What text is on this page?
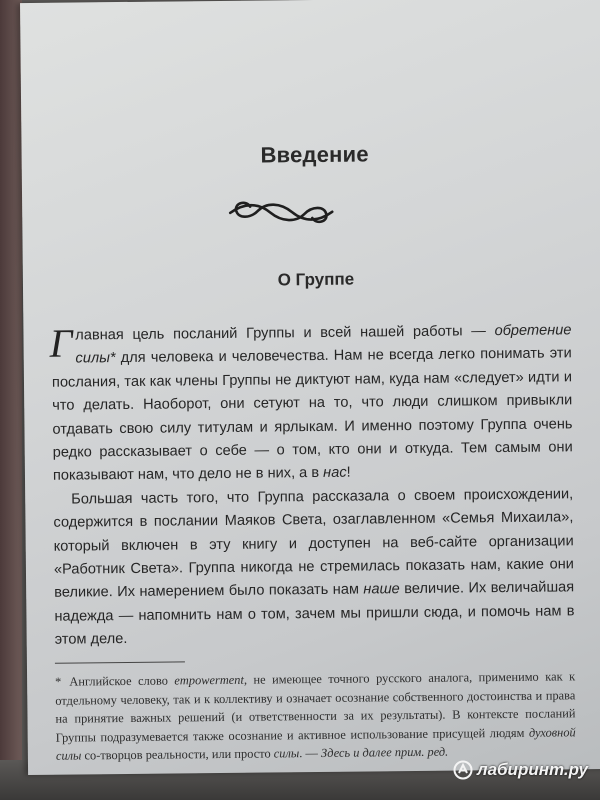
Введение
О Группе

Главная цель посланий Группы и всей нашей работы — обретение силы* для человека и человечества. Нам не всегда легко понимать эти послания, так как члены Группы не диктуют нам, куда нам «следует» идти и что делать. Наоборот, они сетуют на то, что люди слишком привыкли отдавать свою силу титулам и ярлыкам. И именно поэтому Группа очень редко рассказывает о себе — о том, кто они и откуда. Тем самым они показывают нам, что дело не в них, а в нас!

Большая часть того, что Группа рассказала о своем происхождении, содержится в послании Маяков Света, озаглавленном «Семья Михаила», который включен в эту книгу и доступен на веб-сайте организации «Работник Света». Группа никогда не стремилась показать нам, какие они великие. Их намерением было показать нам наше величие. Их величайшая надежда — напомнить нам о том, зачем мы пришли сюда, и помочь нам в этом деле.

* Английское слово empowerment, не имеющее точного русского аналога, применимо как к отдельному человеку, так и к коллективу и означает осознание собственного достоинства и права на принятие важных решений (и ответственности за их результаты). В контексте посланий Группы подразумевается также осознание и активное использование присущей людям духовной силы со-творцов реальности, или просто силы. — Здесь и далее прим. ред.

лабиринт.ру
